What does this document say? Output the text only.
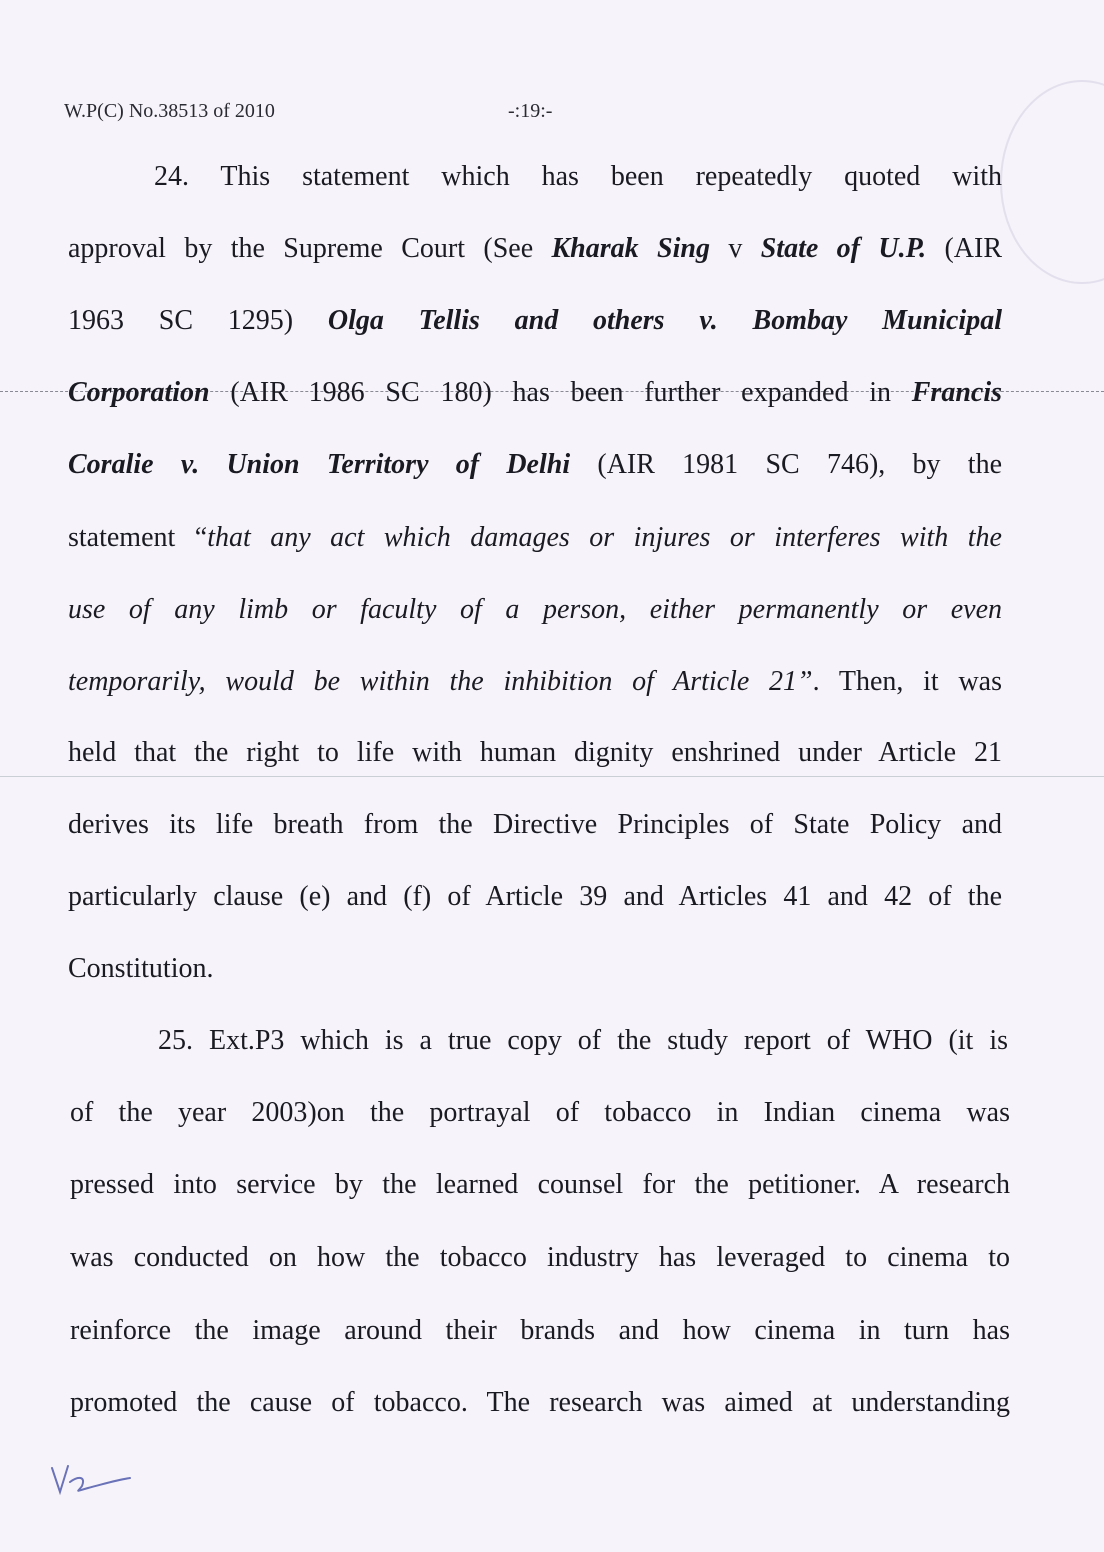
W.P(C) No.38513 of 2010	-:19:-
24. This statement which has been repeatedly quoted with
approval by the Supreme Court (See Kharak Sing v State of U.P. (AIR
1963 SC 1295) Olga Tellis and others v. Bombay Municipal
Corporation (AIR 1986 SC 180) has been further expanded in Francis
Coralie v. Union Territory of Delhi (AIR 1981 SC 746), by the
statement “that any act which damages or injures or interferes with the
use of any limb or faculty of a person, either permanently or even
temporarily, would be within the inhibition of Article 21”. Then, it was
held that the right to life with human dignity enshrined under Article 21
derives its life breath from the Directive Principles of State Policy and
particularly clause (e) and (f) of Article 39 and Articles 41 and 42 of the
Constitution.
25. Ext.P3 which is a true copy of the study report of WHO (it is
of the year 2003)on the portrayal of tobacco in Indian cinema was
pressed into service by the learned counsel for the petitioner. A research
was conducted on how the tobacco industry has leveraged to cinema to
reinforce the image around their brands and how cinema in turn has
promoted the cause of tobacco. The research was aimed at understanding
